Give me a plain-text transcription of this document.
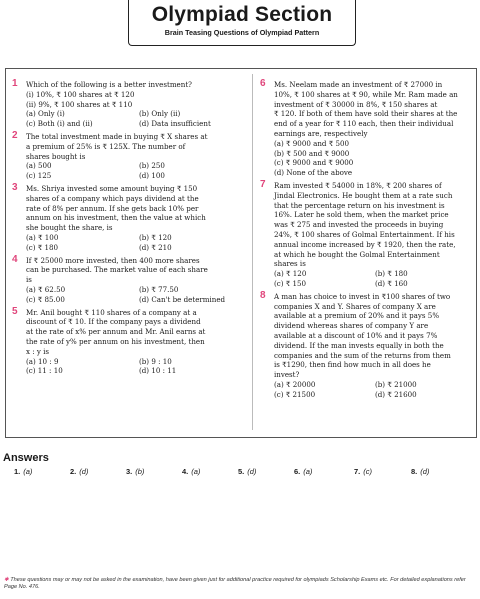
Olympiad Section
Brain Teasing Questions of Olympiad Pattern
1 Which of the following is a better investment?
(i) 10%, ₹ 100 shares at ₹ 120
(ii) 9%, ₹ 100 shares at ₹ 110
(a) Only (i)	(b) Only (ii)
(c) Both (i) and (ii)	(d) Data insufficient
2 The total investment made in buying ₹ X shares at
a premium of 25% is ₹ 125X. The number of
shares bought is
(a) 500	(b) 250
(c) 125	(d) 100
3 Ms. Shriya invested some amount buying ₹ 150
shares of a company which pays dividend at the
rate of 8% per annum. If she gets back 10% per
annum on his investment, then the value at which
she bought the share, is
(a) ₹ 100	(b) ₹ 120
(c) ₹ 180	(d) ₹ 210
4 If ₹ 25000 more invested, then 400 more shares
can be purchased. The market value of each share
is
(a) ₹ 62.50	(b) ₹ 77.50
(c) ₹ 85.00	(d) Can't be determined
5 Mr. Anil bought ₹ 110 shares of a company at a
discount of ₹ 10. If the company pays a dividend
at the rate of x% per annum and Mr. Anil earns at
the rate of y% per annum on his investment, then
x : y is
(a) 10 : 9	(b) 9 : 10
(c) 11 : 10	(d) 10 : 11
6 Ms. Neelam made an investment of ₹ 27000 in
10%, ₹ 100 shares at ₹ 90, while Mr. Ram made an
investment of ₹ 30000 in 8%, ₹ 150 shares at
₹ 120. If both of them have sold their shares at the
end of a year for ₹ 110 each, then their individual
earnings are, respectively
(a) ₹ 9000 and ₹ 500
(b) ₹ 500 and ₹ 9000
(c) ₹ 9000 and ₹ 9000
(d) None of the above
7 Ram invested ₹ 54000 in 18%, ₹ 200 shares of
Jindal Electronics. He bought them at a rate such
that the percentage return on his investment is
16%. Later he sold them, when the market price
was ₹ 275 and invested the proceeds in buying
24%, ₹ 100 shares of Golmal Entertainment. If his
annual income increased by ₹ 1920, then the rate,
at which he bought the Golmal Entertainment
shares is
(a) ₹ 120	(b) ₹ 180
(c) ₹ 150	(d) ₹ 160
8 A man has choice to invest in ₹100 shares of two
companies X and Y. Shares of company X are
available at a premium of 20% and it pays 5%
dividend whereas shares of company Y are
available at a discount of 10% and it pays 7%
dividend. If the man invests equally in both the
companies and the sum of the returns from them
is ₹1290, then find how much in all does he
invest?
(a) ₹ 20000	(b) ₹ 21000
(c) ₹ 21500	(d) ₹ 21600
Answers
1. (a)	2. (d)	3. (b)	4. (a)	5. (d)	6. (a)	7. (c)	8. (d)
✱ These questions may or may not be asked in the examination, have been given just for additional practice required for olympiads Scholarship Exams etc. For detailed explanations refer Page No. 476.
